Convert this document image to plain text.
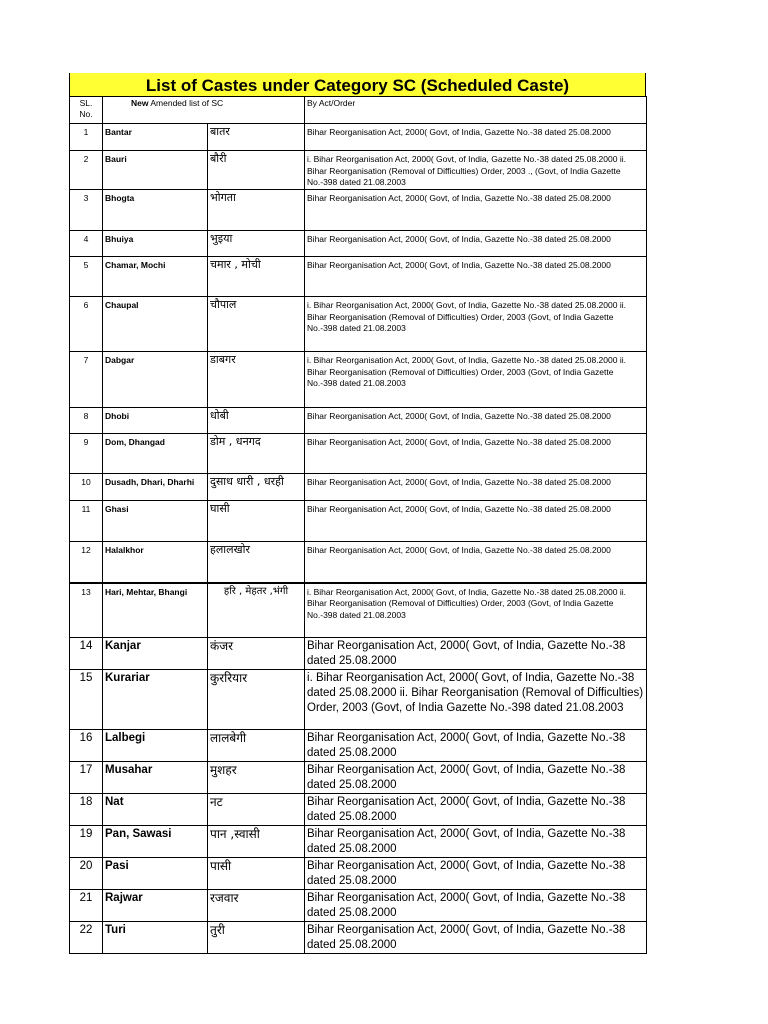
List of Castes under Category SC (Scheduled Caste)
SL. No.	New Amended list of SC		By Act/Order
1	Bantar	बातर	Bihar Reorganisation Act, 2000( Govt, of India, Gazette No.-38 dated 25.08.2000
2	Bauri	बौरी	i. Bihar Reorganisation Act, 2000( Govt, of India, Gazette No.-38 dated 25.08.2000 ii. Bihar Reorganisation (Removal of Difficulties) Order, 2003 ., (Govt, of India Gazette No.-398 dated 21.08.2003
3	Bhogta	भोगता	Bihar Reorganisation Act, 2000( Govt, of India, Gazette No.-38 dated 25.08.2000
4	Bhuiya	भुइया	Bihar Reorganisation Act, 2000( Govt, of India, Gazette No.-38 dated 25.08.2000
5	Chamar, Mochi	चमार , मोची	Bihar Reorganisation Act, 2000( Govt, of India, Gazette No.-38 dated 25.08.2000
6	Chaupal	चौपाल	i. Bihar Reorganisation Act, 2000( Govt, of India, Gazette No.-38 dated 25.08.2000 ii. Bihar Reorganisation (Removal of Difficulties) Order, 2003 (Govt, of India Gazette No.-398 dated 21.08.2003
7	Dabgar	डाबगर	i. Bihar Reorganisation Act, 2000( Govt, of India, Gazette No.-38 dated 25.08.2000 ii. Bihar Reorganisation (Removal of Difficulties) Order, 2003 (Govt, of India Gazette No.-398 dated 21.08.2003
8	Dhobi	धोबी	Bihar Reorganisation Act, 2000( Govt, of India, Gazette No.-38 dated 25.08.2000
9	Dom, Dhangad	डोम , धनगद	Bihar Reorganisation Act, 2000( Govt, of India, Gazette No.-38 dated 25.08.2000
10	Dusadh, Dhari, Dharhi	दुसाध धारी , धरही	Bihar Reorganisation Act, 2000( Govt, of India, Gazette No.-38 dated 25.08.2000
11	Ghasi	घासी	Bihar Reorganisation Act, 2000( Govt, of India, Gazette No.-38 dated 25.08.2000
12	Halalkhor	हलालखोर	Bihar Reorganisation Act, 2000( Govt, of India, Gazette No.-38 dated 25.08.2000
13	Hari, Mehtar, Bhangi	हरि , मेहतर ,भंगी	i. Bihar Reorganisation Act, 2000( Govt, of India, Gazette No.-38 dated 25.08.2000 ii. Bihar Reorganisation (Removal of Difficulties) Order, 2003 (Govt, of India Gazette No.-398 dated 21.08.2003
14	Kanjar	कंजर	Bihar Reorganisation Act, 2000( Govt, of India, Gazette No.-38 dated 25.08.2000
15	Kurariar	कुररियार	i. Bihar Reorganisation Act, 2000( Govt, of India, Gazette No.-38 dated 25.08.2000 ii. Bihar Reorganisation (Removal of Difficulties) Order, 2003 (Govt, of India Gazette No.-398 dated 21.08.2003
16	Lalbegi	लालबेगी	Bihar Reorganisation Act, 2000( Govt, of India, Gazette No.-38 dated 25.08.2000
17	Musahar	मुशहर	Bihar Reorganisation Act, 2000( Govt, of India, Gazette No.-38 dated 25.08.2000
18	Nat	नट	Bihar Reorganisation Act, 2000( Govt, of India, Gazette No.-38 dated 25.08.2000
19	Pan, Sawasi	पान ,स्वासी	Bihar Reorganisation Act, 2000( Govt, of India, Gazette No.-38 dated 25.08.2000
20	Pasi	पासी	Bihar Reorganisation Act, 2000( Govt, of India, Gazette No.-38 dated 25.08.2000
21	Rajwar	रजवार	Bihar Reorganisation Act, 2000( Govt, of India, Gazette No.-38 dated 25.08.2000
22	Turi	तुरी	Bihar Reorganisation Act, 2000( Govt, of India, Gazette No.-38 dated 25.08.2000
